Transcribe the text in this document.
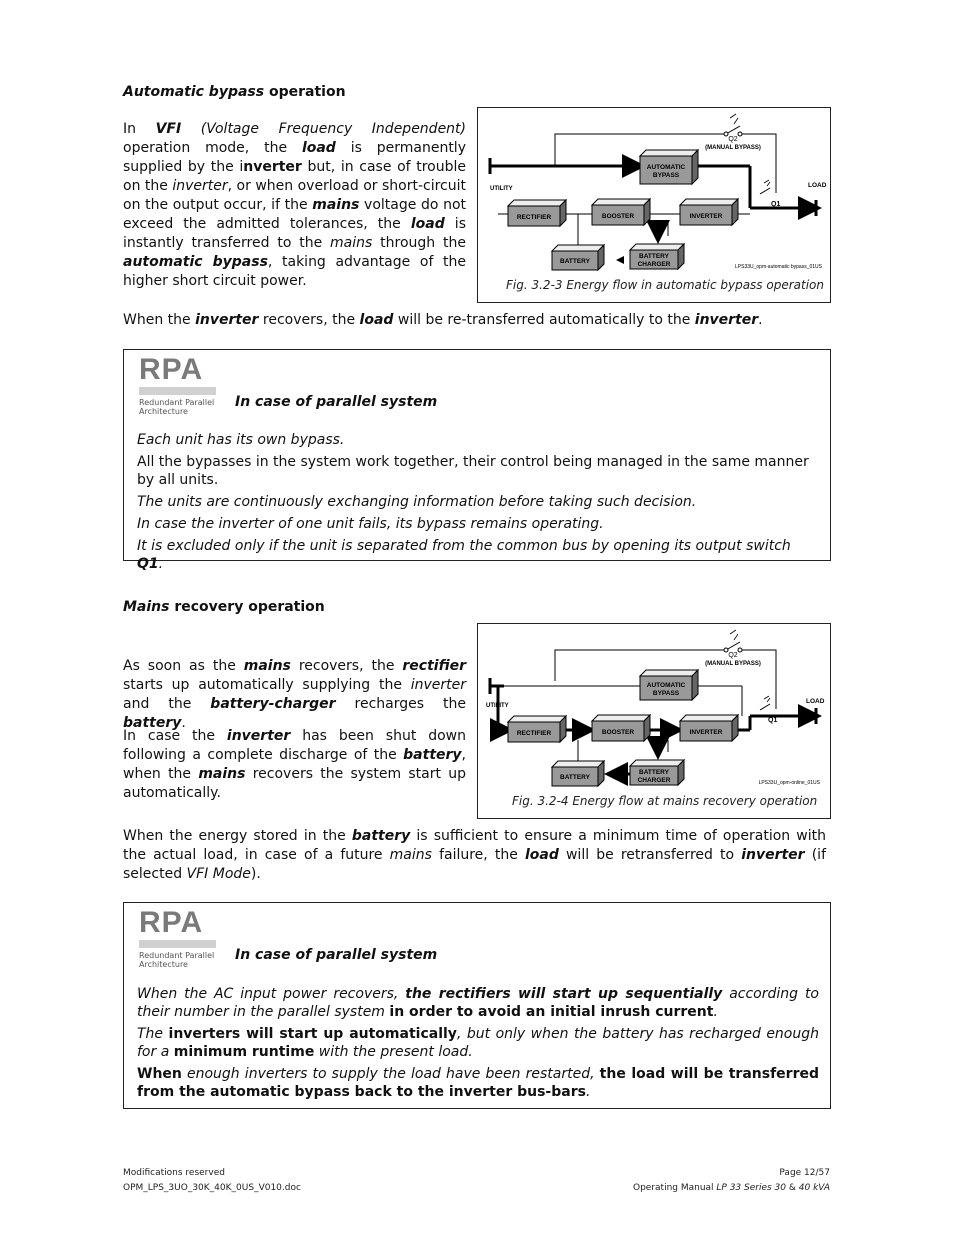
Automatic bypass operation

In VFI (Voltage Frequency Independent) operation mode, the load is permanently supplied by the inverter but, in case of trouble on the inverter, or when overload or short-circuit on the output occur, if the mains voltage do not exceed the admitted tolerances, the load is instantly transferred to the mains through the automatic bypass, taking advantage of the higher short circuit power.

Q2
(MANUAL BYPASS)
AUTOMATIC
BYPASS
Q1
UTILITY	LOAD
RECTIFIER	BOOSTER	INVERTER
BATTERY
BATTERY
CHARGER	LPS33U_opm-automatic bypass_01US
Fig. 3.2-3 Energy flow in automatic bypass operation

When the inverter recovers, the load will be re-transferred automatically to the inverter.

RPA
Redundant Parallel
Architecture
In case of parallel system

Each unit has its own bypass.

All the bypasses in the system work together, their control being managed in the same manner by all units.

The units are continuously exchanging information before taking such decision.

In case the inverter of one unit fails, its bypass remains operating.

It is excluded only if the unit is separated from the common bus by opening its output switch Q1.

Mains recovery operation

As soon as the mains recovers, the rectifier starts up automatically supplying the inverter and the battery-charger recharges the battery.

In case the inverter has been shut down following a complete discharge of the battery, when the mains recovers the system start up automatically.

Q2
(MANUAL BYPASS)
AUTOMATIC
BYPASS
Q1
UTILITY
LOAD
RECTIFIER	BOOSTER	INVERTER
BATTERY
BATTERY
CHARGER	LPS33U_opm-online_01US
Fig. 3.2-4 Energy flow at mains recovery operation

When the energy stored in the battery is sufficient to ensure a minimum time of operation with the actual load, in case of a future mains failure, the load will be retransferred to inverter (if selected VFI Mode).

RPA
Redundant Parallel
Architecture
In case of parallel system

When the AC input power recovers, the rectifiers will start up sequentially according to their number in the parallel system in order to avoid an initial inrush current.

The inverters will start up automatically, but only when the battery has recharged enough for a minimum runtime with the present load.

When enough inverters to supply the load have been restarted, the load will be transferred from the automatic bypass back to the inverter bus-bars.

Modifications reserved
OPM_LPS_3UO_30K_40K_0US_V010.doc
Page 12/57
Operating Manual LP 33 Series 30 & 40 kVA
